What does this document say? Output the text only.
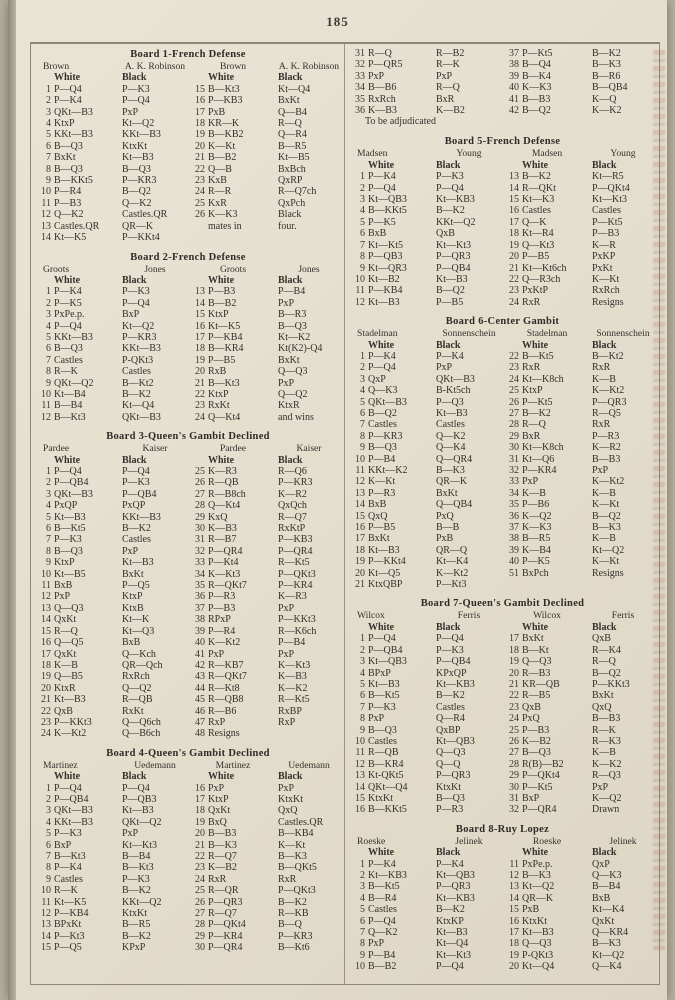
185
Board 1-French Defense
Brown	A. K. Robinson	Brown	A. K. Robinson
White	Black	White	Black
1 P—Q4	P—K3	15 B—Kt3	Kt—Q4
2 P—K4	P—Q4	16 P—KB3	BxKt
3 QKt—B3	PxP	17 PxB	Q—B4
4 KtxP	Kt—Q2	18 KR—K	R—Q
5 KKt—B3	KKt—B3	19 B—KB2	Q—R4
6 B—Q3	KtxKt	20 K—Kt	B—R5
7 BxKt	Kt—B3	21 B—B2	Kt—B5
8 B—Q3	B—Q3	22 Q—B	BxBch
9 B—KKt5	P—KR3	23 KxB	QxRP
10 P—R4	B—Q2	24 R—R	R—Q7ch
11 P—B3	Q—K2	25 KxR	QxPch
12 Q—K2	Castles.QR	26 K—K3	Black
13 Castles.QR	QR—K	mates in	four.
14 Kt—K5	P—KKt4
Board 2-French Defense
Groots	Jones	Groots	Jones
White	Black	White	Black
1 P—K4	P—K3	13 P—B3	P—B4
2 P—K5	P—Q4	14 B—B2	PxP
3 PxPe.p.	BxP	15 KtxP	B—R3
4 P—Q4	Kt—Q2	16 Kt—K5	B—Q3
5 KKt—B3	P—KR3	17 P—KB4	Kt—K2
6 B—Q3	KKt—B3	18 B—KR4	Kt(K2)-Q4
7 Castles	P-QKt3	19 P—B5	BxKt
8 R—K	Castles	20 RxB	Q—Q3
9 QKt—Q2	B—Kt2	21 B—Kt3	PxP
10 Kt—B4	B—K2	22 KtxP	Q—Q2
11 B—B4	Kt—Q4	23 RxKt	KtxR
12 B—Kt3	QKt—B3	24 Q—Kt4	and wins
Board 3-Queen's Gambit Declined
Pardee	Kaiser	Pardee	Kaiser
White	Black	White	Black
1 P—Q4	P—Q4	25 K—R3	R—Q6
2 P—QB4	P—K3	26 R—QB	P—KR3
3 QKt—B3	P—QB4	27 R—B8ch	K—R2
4 PxQP	PxQP	28 Q—Kt4	QxQch
5 Kt—B3	KKt—B3	29 KxQ	R—Q7
6 B—Kt5	B—K2	30 K—B3	RxKtP
7 P—K3	Castles	31 R—B7	P—KB3
8 B—Q3	PxP	32 P—QR4	P—QR4
9 KtxP	Kt—B3	33 P—Kt4	R—Kt5
10 Kt—B5	BxKt	34 K—Kt3	P—QKt3
11 BxB	P—Q5	35 R—QKt7	P—KR4
12 PxP	KtxP	36 P—R3	K—R3
13 Q—Q3	KtxB	37 P—B3	PxP
14 QxKt	Kt—K	38 RPxP	P—KKt3
15 R—Q	Kt—Q3	39 P—R4	R—K6ch
16 Q—Q5	BxB	40 K—Kt2	P—B4
17 QxKt	Q—Kch	41 PxP	PxP
18 K—B	QR—Qch	42 R—KB7	K—Kt3
19 Q—B5	RxRch	43 R—QKt7	K—B3
20 KtxR	Q—Q2	44 R—Kt8	K—K2
21 Kt—B3	R—QB	45 R—QB8	R—Kt5
22 QxB	RxKt	46 R—B6	RxBP
23 P—KKt3	Q—Q6ch	47 RxP	RxP
24 K—Kt2	Q—B6ch	48 Resigns
Board 4-Queen's Gambit Declined
Martinez	Uedemann	Martinez	Uedemann
White	Black	White	Black
1 P—Q4	P—Q4	16 PxP	PxP
2 P—QB4	P—QB3	17 KtxP	KtxKt
3 QKt—B3	Kt—B3	18 QxKt	QxQ
4 KKt—B3	QKt—Q2	19 BxQ	Castles.QR
5 P—K3	PxP	20 B—B3	B—KB4
6 BxP	Kt—Kt3	21 B—K3	K—Kt
7 B—Kt3	B—B4	22 R—Q7	B—K3
8 P—K4	B—Kt3	23 K—B2	B—QKt5
9 Castles	P—K3	24 RxR	RxR
10 R—K	B—K2	25 R—QR	P—QKt3
11 Kt—K5	KKt—Q2	26 P—QR3	B—K2
12 P—KB4	KtxKt	27 R—Q7	R—KB
13 BPxKt	B—R5	28 P—QKt4	B—Q
14 P—Kt3	B—K2	29 P—KR4	P—KR3
15 P—Q5	KPxP	30 P—QR4	B—Kt6
31 R—Q	R—B2	37 P—Kt5	B—K2
32 P—QR5	R—K	38 B—Q4	B—K3
33 PxP	PxP	39 B—K4	B—R6
34 B—B6	R—Q	40 K—K3	B—QB4
35 RxRch	BxR	41 B—B3	K—Q
36 K—B3	K—B2	42 B—Q2	K—K2
To be adjudicated
Board 5-French Defense
Madsen	Young	Madsen	Young
White	Black	White	Black
1 P—K4	P—K3	13 B—K2	Kt—R5
2 P—Q4	P—Q4	14 R—QKt	P—QKt4
3 Kt—QB3	Kt—KB3	15 Kt—K3	Kt—Kt3
4 B—KKt5	B—K2	16 Castles	Castles
5 P—K5	KKt—Q2	17 Q—K	P—Kt5
6 BxB	QxB	18 Kt—R4	P—B3
7 Kt—Kt5	Kt—Kt3	19 Q—Kt3	K—R
8 P—QB3	P—QR3	20 P—B5	PxKP
9 Kt—QR3	P—QB4	21 Kt—Kt6ch	PxKt
10 Kt—B2	Kt—B3	22 Q—R3ch	K—Kt
11 P—KB4	B—Q2	23 PxKtP	RxRch
12 Kt—B3	P—B5	24 RxR	Resigns
Board 6-Center Gambit
Stadelman	Sonnenschein	Stadelman	Sonnenschein
White	Black	White	Black
1 P—K4	P—K4	22 B—Kt5	B—Kt2
2 P—Q4	PxP	23 RxR	RxR
3 QxP	QKt—B3	24 Kt—K8ch	K—B
4 Q—K3	B-Kt5ch	25 KtxP	K—Kt2
5 QKt—B3	P—Q3	26 P—Kt5	P—QR3
6 B—Q2	Kt—B3	27 B—K2	R—Q5
7 Castles	Castles	28 R—Q	RxR
8 P—KR3	Q—K2	29 BxR	P—R3
9 B—Q3	Q—K4	30 Kt—K8ch	K—R2
10 P—B4	Q—QR4	31 Kt—Q6	B—B3
11 KKt—K2	B—K3	32 P—KR4	PxP
12 K—Kt	QR—K	33 PxP	K—Kt2
13 P—R3	BxKt	34 K—B	K—B
14 BxB	Q—QB4	35 P—B6	K—Kt
15 QxQ	PxQ	36 K—Q2	B—Q2
16 P—B5	B—B	37 K—K3	B—K3
17 BxKt	PxB	38 B—R5	K—B
18 Kt—B3	QR—Q	39 K—B4	Kt—Q2
19 P—KKt4	Kt—K4	40 P—K5	K—Kt
20 Kt—Q5	K—Kt2	51 BxPch	Resigns
21 KtxQBP	P—Kt3
Board 7-Queen's Gambit Declined
Wilcox	Ferris	Wilcox	Ferris
White	Black	White	Black
1 P—Q4	P—Q4	17 BxKt	QxB
2 P—QB4	P—K3	18 B—Kt	R—K4
3 Kt—QB3	P—QB4	19 Q—Q3	R—Q
4 BPxP	KPxQP	20 R—B3	B—Q2
5 Kt—B3	Kt—KB3	21 KR—QB	P—KKt3
6 B—Kt5	B—K2	22 R—B5	BxKt
7 P—K3	Castles	23 QxB	QxQ
8 PxP	Q—R4	24 PxQ	B—B3
9 B—Q3	QxBP	25 P—B3	R—K
10 Castles	Kt—QB3	26 K—B2	R—K3
11 R—QB	Q—Q3	27 B—Q3	K—B
12 B—KR4	Q—Q	28 R(B)—B2	K—K2
13 Kt-QKt5	P—QR3	29 P—QKt4	R—Q3
14 QKt—Q4	KtxKt	30 P—Kt5	PxP
15 KtxKt	B—Q3	31 BxP	K—Q2
16 B—KKt5	P—R3	32 P—QR4	Drawn
Board 8-Ruy Lopez
Roeske	Jelinek	Roeske	Jelinek
White	Black	White	Black
1 P—K4	P—K4	11 PxPe.p.	QxP
2 Kt—KB3	Kt—QB3	12 B—K3	Q—K3
3 B—Kt5	P—QR3	13 Kt—Q2	B—B4
4 B—R4	Kt—KB3	14 QR—K	BxB
5 Castles	B—K2	15 PxB	Kt—K4
6 P—Q4	KtxKP	16 KtxKt	QxKt
7 Q—K2	Kt—B3	17 Kt—B3	Q—KR4
8 PxP	Kt—Q4	18 Q—Q3	B—K3
9 P—B4	Kt—Kt3	19 P-QKt3	Kt—Q2
10 B—B2	P—Q4	20 Kt—Q4	Q—K4
